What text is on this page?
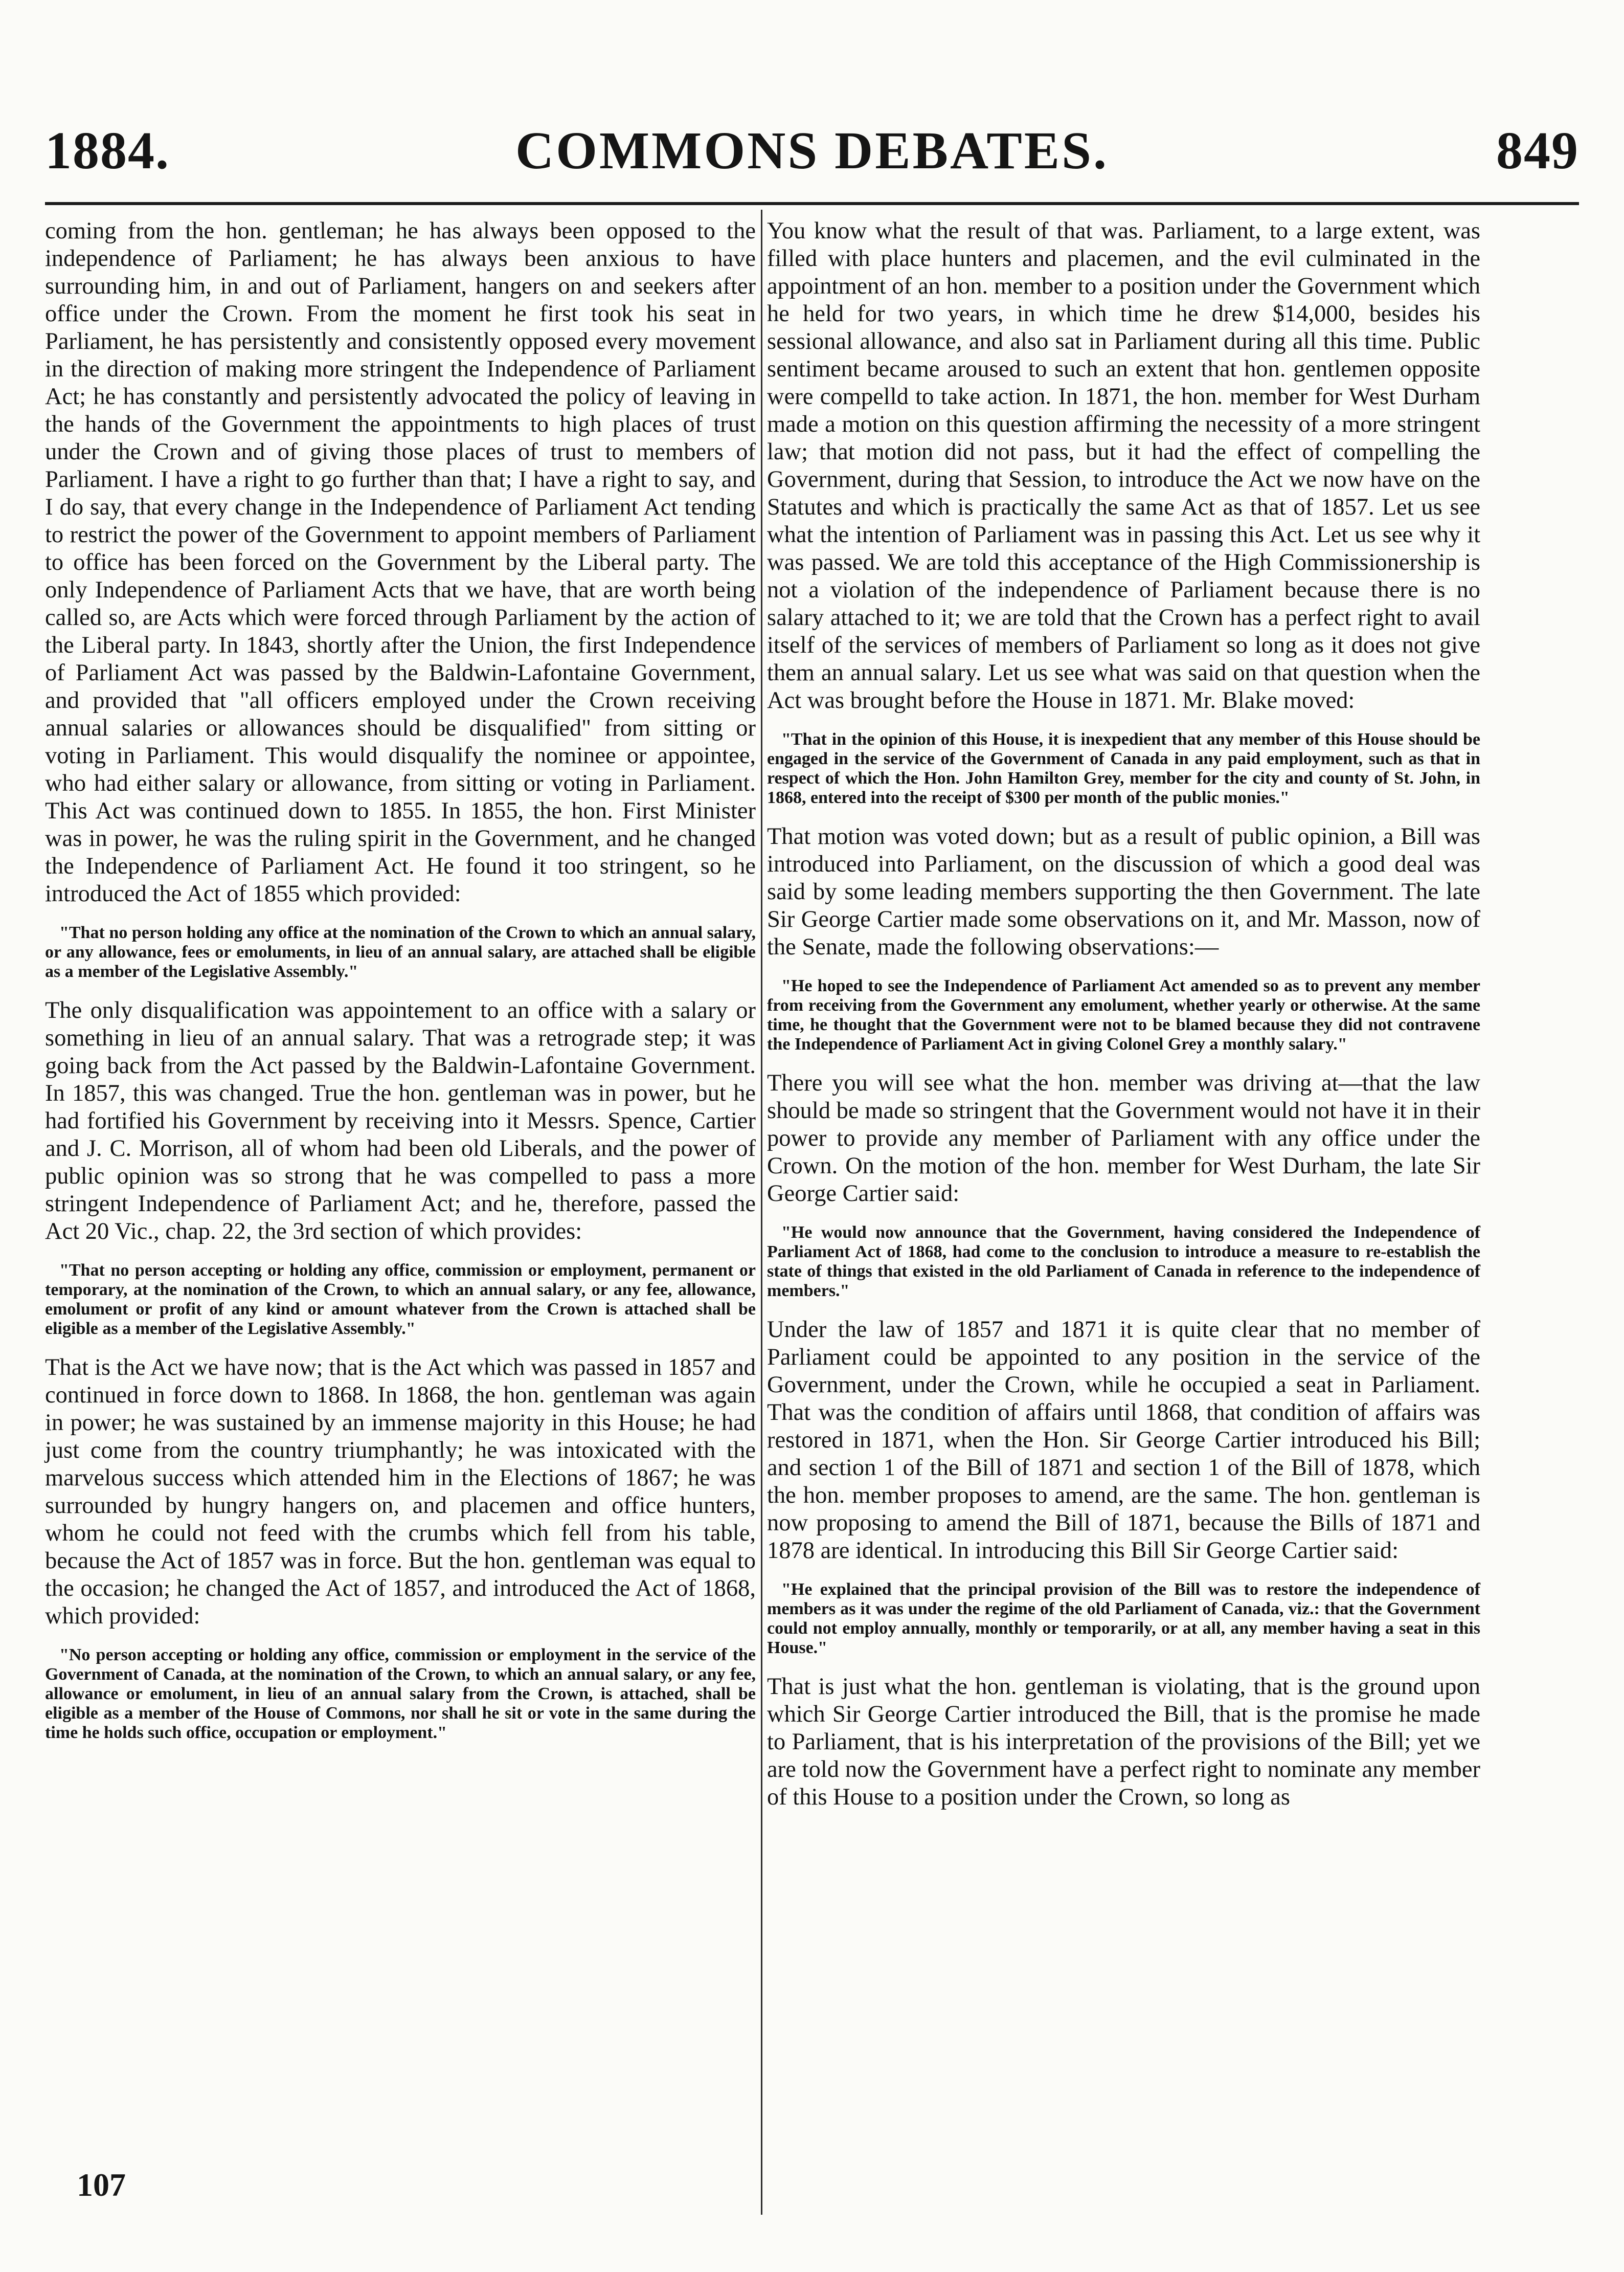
1884.	COMMONS DEBATES.	849

coming from the hon. gentleman; he has always been opposed to the independence of Parliament; he has always been anxious to have surrounding him, in and out of Parliament, hangers on and seekers after office under the Crown. From the moment he first took his seat in Parliament, he has persistently and consistently opposed every movement in the direction of making more stringent the Independence of Parliament Act; he has constantly and persistently advocated the policy of leaving in the hands of the Government the appointments to high places of trust under the Crown and of giving those places of trust to members of Parliament. I have a right to go further than that; I have a right to say, and I do say, that every change in the Independence of Parliament Act tending to restrict the power of the Government to appoint members of Parliament to office has been forced on the Government by the Liberal party. The only Independence of Parliament Acts that we have, that are worth being called so, are Acts which were forced through Parliament by the action of the Liberal party. In 1843, shortly after the Union, the first Independence of Parliament Act was passed by the Baldwin-Lafontaine Government, and provided that "all officers employed under the Crown receiving annual salaries or allowances should be disqualified" from sitting or voting in Parliament. This would disqualify the nominee or appointee, who had either salary or allowance, from sitting or voting in Parliament. This Act was continued down to 1855. In 1855, the hon. First Minister was in power, he was the ruling spirit in the Government, and he changed the Independence of Parliament Act. He found it too stringent, so he introduced the Act of 1855 which provided:

"That no person holding any office at the nomination of the Crown to which an annual salary, or any allowance, fees or emoluments, in lieu of an annual salary, are attached shall be eligible as a member of the Legislative Assembly."

The only disqualification was appointement to an office with a salary or something in lieu of an annual salary. That was a retrograde step; it was going back from the Act passed by the Baldwin-Lafontaine Government. In 1857, this was changed. True the hon. gentleman was in power, but he had fortified his Government by receiving into it Messrs. Spence, Cartier and J. C. Morrison, all of whom had been old Liberals, and the power of public opinion was so strong that he was compelled to pass a more stringent Independence of Parliament Act; and he, therefore, passed the Act 20 Vic., chap. 22, the 3rd section of which provides:

"That no person accepting or holding any office, commission or employment, permanent or temporary, at the nomination of the Crown, to which an annual salary, or any fee, allowance, emolument or profit of any kind or amount whatever from the Crown is attached shall be eligible as a member of the Legislative Assembly."

That is the Act we have now; that is the Act which was passed in 1857 and continued in force down to 1868. In 1868, the hon. gentleman was again in power; he was sustained by an immense majority in this House; he had just come from the country triumphantly; he was intoxicated with the marvelous success which attended him in the Elections of 1867; he was surrounded by hungry hangers on, and placemen and office hunters, whom he could not feed with the crumbs which fell from his table, because the Act of 1857 was in force. But the hon. gentleman was equal to the occasion; he changed the Act of 1857, and introduced the Act of 1868, which provided:

"No person accepting or holding any office, commission or employment in the service of the Government of Canada, at the nomination of the Crown, to which an annual salary, or any fee, allowance or emolument, in lieu of an annual salary from the Crown, is attached, shall be eligible as a member of the House of Commons, nor shall he sit or vote in the same during the time he holds such office, occupation or employment."

You know what the result of that was. Parliament, to a large extent, was filled with place hunters and placemen, and the evil culminated in the appointment of an hon. member to a position under the Government which he held for two years, in which time he drew $14,000, besides his sessional allowance, and also sat in Parliament during all this time. Public sentiment became aroused to such an extent that hon. gentlemen opposite were compelld to take action. In 1871, the hon. member for West Durham made a motion on this question affirming the necessity of a more stringent law; that motion did not pass, but it had the effect of compelling the Government, during that Session, to introduce the Act we now have on the Statutes and which is practically the same Act as that of 1857. Let us see what the intention of Parliament was in passing this Act. Let us see why it was passed. We are told this acceptance of the High Commissionership is not a violation of the independence of Parliament because there is no salary attached to it; we are told that the Crown has a perfect right to avail itself of the services of members of Parliament so long as it does not give them an annual salary. Let us see what was said on that question when the Act was brought before the House in 1871. Mr. Blake moved:

"That in the opinion of this House, it is inexpedient that any member of this House should be engaged in the service of the Government of Canada in any paid employment, such as that in respect of which the Hon. John Hamilton Grey, member for the city and county of St. John, in 1868, entered into the receipt of $300 per month of the public monies."

That motion was voted down; but as a result of public opinion, a Bill was introduced into Parliament, on the discussion of which a good deal was said by some leading members supporting the then Government. The late Sir George Cartier made some observations on it, and Mr. Masson, now of the Senate, made the following observations:—

"He hoped to see the Independence of Parliament Act amended so as to prevent any member from receiving from the Government any emolument, whether yearly or otherwise. At the same time, he thought that the Government were not to be blamed because they did not contravene the Independence of Parliament Act in giving Colonel Grey a monthly salary."

There you will see what the hon. member was driving at—that the law should be made so stringent that the Government would not have it in their power to provide any member of Parliament with any office under the Crown. On the motion of the hon. member for West Durham, the late Sir George Cartier said:

"He would now announce that the Government, having considered the Independence of Parliament Act of 1868, had come to the conclusion to introduce a measure to re-establish the state of things that existed in the old Parliament of Canada in reference to the independence of members."

Under the law of 1857 and 1871 it is quite clear that no member of Parliament could be appointed to any position in the service of the Government, under the Crown, while he occupied a seat in Parliament. That was the condition of affairs until 1868, that condition of affairs was restored in 1871, when the Hon. Sir George Cartier introduced his Bill; and section 1 of the Bill of 1871 and section 1 of the Bill of 1878, which the hon. member proposes to amend, are the same. The hon. gentleman is now proposing to amend the Bill of 1871, because the Bills of 1871 and 1878 are identical. In introducing this Bill Sir George Cartier said:

"He explained that the principal provision of the Bill was to restore the independence of members as it was under the regime of the old Parliament of Canada, viz.: that the Government could not employ annually, monthly or temporarily, or at all, any member having a seat in this House."

That is just what the hon. gentleman is violating, that is the ground upon which Sir George Cartier introduced the Bill, that is the promise he made to Parliament, that is his interpretation of the provisions of the Bill; yet we are told now the Government have a perfect right to nominate any member of this House to a position under the Crown, so long as

107
